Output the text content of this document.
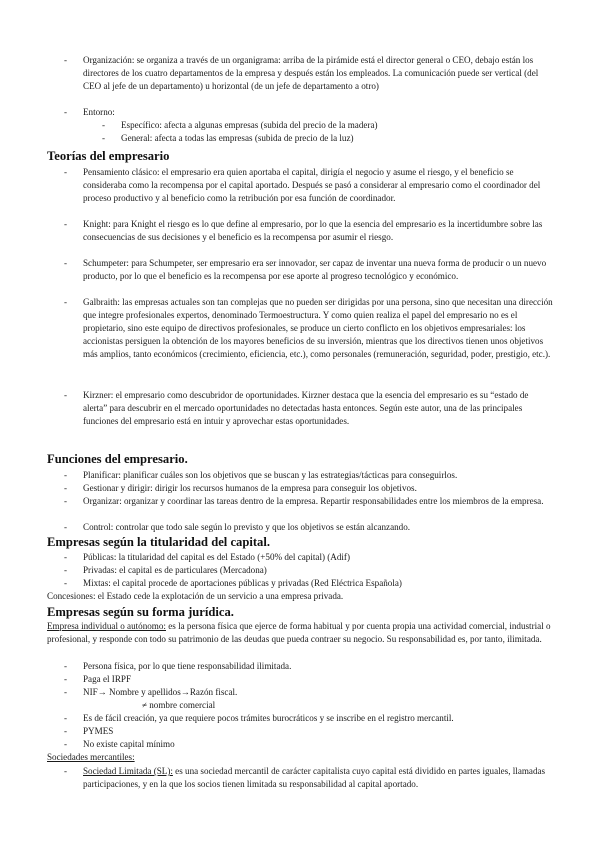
- Organización: se organiza a través de un organigrama: arriba de la pirámide está el director general o CEO, debajo están los directores de los cuatro departamentos de la empresa y después están los empleados. La comunicación puede ser vertical (del CEO al jefe de un departamento) u horizontal (de un jefe de departamento a otro)
- Entorno:
- Específico: afecta a algunas empresas (subida del precio de la madera)
- General: afecta a todas las empresas (subida de precio de la luz)
Teorías del empresario
- Pensamiento clásico: el empresario era quien aportaba el capital, dirigía el negocio y asume el riesgo, y el beneficio se consideraba como la recompensa por el capital aportado. Después se pasó a considerar al empresario como el coordinador del proceso productivo y al beneficio como la retribución por esa función de coordinador.
- Knight: para Knight el riesgo es lo que define al empresario, por lo que la esencia del empresario es la incertidumbre sobre las consecuencias de sus decisiones y el beneficio es la recompensa por asumir el riesgo.
- Schumpeter: para Schumpeter, ser empresario era ser innovador, ser capaz de inventar una nueva forma de producir o un nuevo producto, por lo que el beneficio es la recompensa por ese aporte al progreso tecnológico y económico.
- Galbraith: las empresas actuales son tan complejas que no pueden ser dirigidas por una persona, sino que necesitan una dirección que integre profesionales expertos, denominado Termoestructura. Y como quien realiza el papel del empresario no es el propietario, sino este equipo de directivos profesionales, se produce un cierto conflicto en los objetivos empresariales: los accionistas persiguen la obtención de los mayores beneficios de su inversión, mientras que los directivos tienen unos objetivos más amplios, tanto económicos (crecimiento, eficiencia, etc.), como personales (remuneración, seguridad, poder, prestigio, etc.).
- Kirzner: el empresario como descubridor de oportunidades. Kirzner destaca que la esencia del empresario es su “estado de alerta” para descubrir en el mercado oportunidades no detectadas hasta entonces. Según este autor, una de las principales funciones del empresario está en intuir y aprovechar estas oportunidades.
Funciones del empresario.
- Planificar: planificar cuáles son los objetivos que se buscan y las estrategias/tácticas para conseguirlos.
- Gestionar y dirigir: dirigir los recursos humanos de la empresa para conseguir los objetivos.
- Organizar: organizar y coordinar las tareas dentro de la empresa. Repartir responsabilidades entre los miembros de la empresa.
- Control: controlar que todo sale según lo previsto y que los objetivos se están alcanzando.
Empresas según la titularidad del capital.
- Públicas: la titularidad del capital es del Estado (+50% del capital) (Adif)
- Privadas: el capital es de particulares (Mercadona)
- Mixtas: el capital procede de aportaciones públicas y privadas (Red Eléctrica Española)
Concesiones: el Estado cede la explotación de un servicio a una empresa privada.
Empresas según su forma jurídica.
Empresa individual o autónomo: es la persona física que ejerce de forma habitual y por cuenta propia una actividad comercial, industrial o profesional, y responde con todo su patrimonio de las deudas que pueda contraer su negocio. Su responsabilidad es, por tanto, ilimitada.
- Persona física, por lo que tiene responsabilidad ilimitada.
- Paga el IRPF
- NIF→ Nombre y apellidos→Razón fiscal.
≠ nombre comercial
- Es de fácil creación, ya que requiere pocos trámites burocráticos y se inscribe en el registro mercantil.
- PYMES
- No existe capital mínimo
Sociedades mercantiles:
- Sociedad Limitada (SL): es una sociedad mercantil de carácter capitalista cuyo capital está dividido en partes iguales, llamadas participaciones, y en la que los socios tienen limitada su responsabilidad al capital aportado.
